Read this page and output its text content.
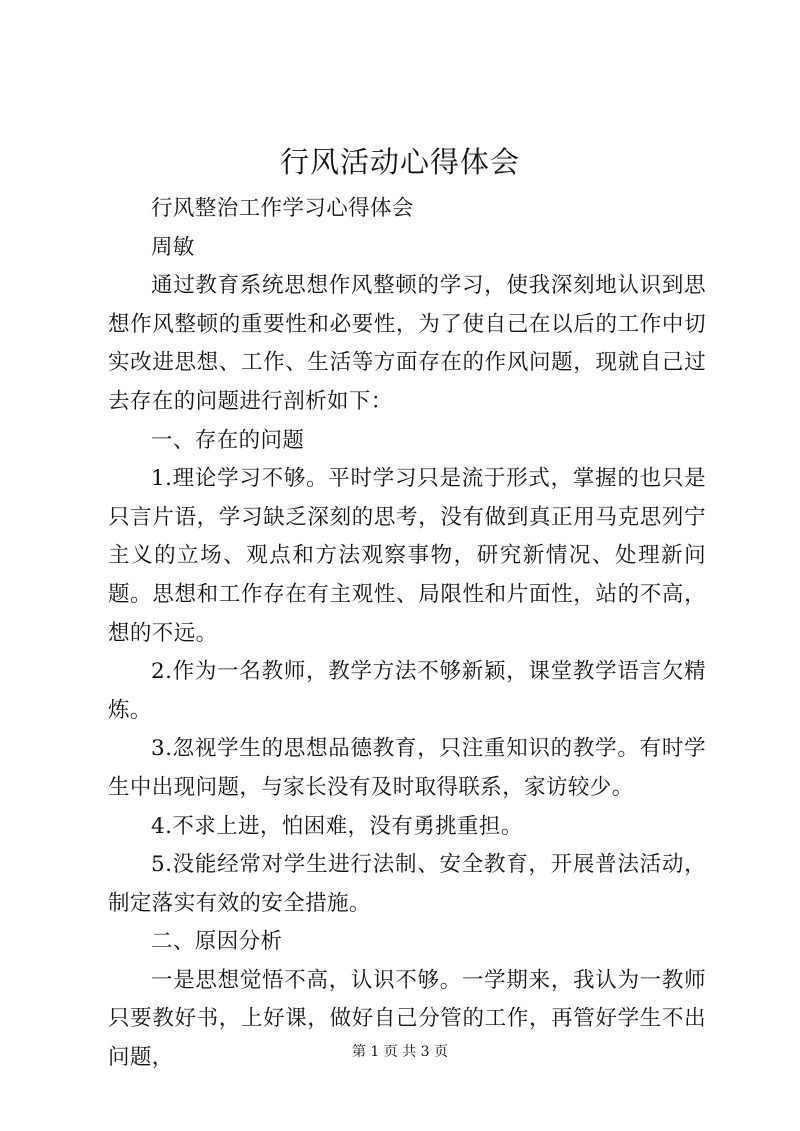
行风活动心得体会

行风整治工作学习心得体会

周敏

通过教育系统思想作风整顿的学习，使我深刻地认识到思想作风整顿的重要性和必要性，为了使自己在以后的工作中切实改进思想、工作、生活等方面存在的作风问题，现就自己过去存在的问题进行剖析如下：

一、存在的问题

1.理论学习不够。平时学习只是流于形式，掌握的也只是只言片语，学习缺乏深刻的思考，没有做到真正用马克思列宁主义的立场、观点和方法观察事物，研究新情况、处理新问题。思想和工作存在有主观性、局限性和片面性，站的不高，想的不远。

2.作为一名教师，教学方法不够新颖，课堂教学语言欠精炼。

3.忽视学生的思想品德教育，只注重知识的教学。有时学生中出现问题，与家长没有及时取得联系，家访较少。

4.不求上进，怕困难，没有勇挑重担。

5.没能经常对学生进行法制、安全教育，开展普法活动，制定落实有效的安全措施。

二、原因分析

一是思想觉悟不高，认识不够。一学期来，我认为一教师只要教好书，上好课，做好自己分管的工作，再管好学生不出问题，	第 1 页 共 3 页
